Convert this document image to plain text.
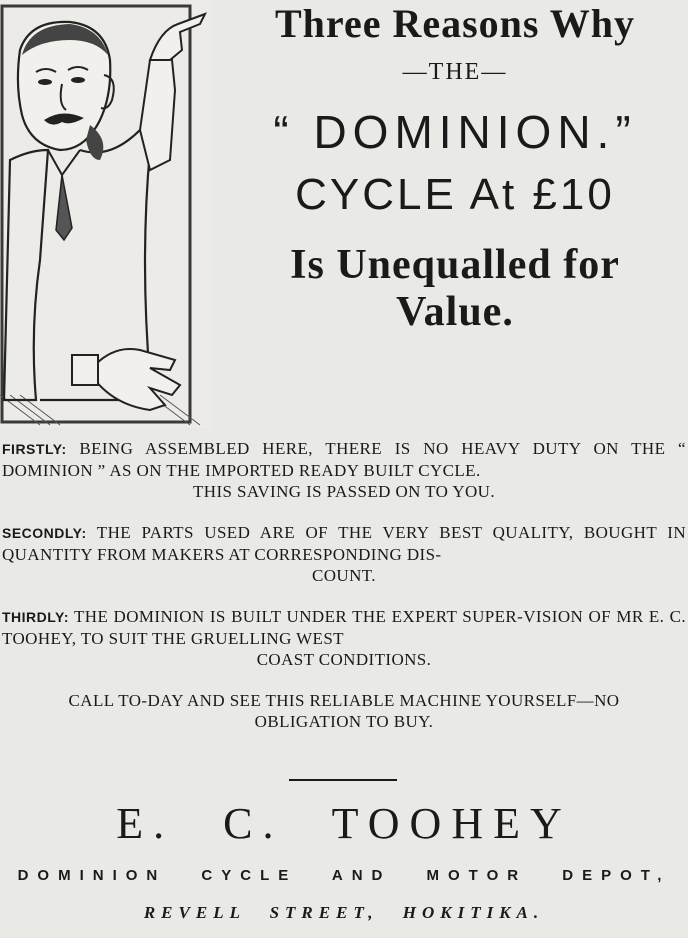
Three Reasons Why

—THE—

“ DOMINION.”

CYCLE At £10

Is Unequalled for

Value.

FIRSTLY: BEING ASSEMBLED HERE, THERE IS NO HEAVY DUTY ON THE “ DOMINION ” AS ON THE IMPORTED READY BUILT CYCLE.
THIS SAVING IS PASSED ON TO YOU.

SECONDLY: THE PARTS USED ARE OF THE VERY BEST QUALITY, BOUGHT IN QUANTITY FROM MAKERS AT CORRESPONDING DIS-
COUNT.

THIRDLY: THE DOMINION IS BUILT UNDER THE EXPERT SUPER-VISION OF MR E. C. TOOHEY, TO SUIT THE GRUELLING WEST
COAST CONDITIONS.

CALL TO-DAY AND SEE THIS RELIABLE MACHINE YOURSELF—NO
OBLIGATION TO BUY.

E. C. TOOHEY

DOMINION CYCLE AND MOTOR DEPOT,

REVELL STREET, HOKITIKA.
